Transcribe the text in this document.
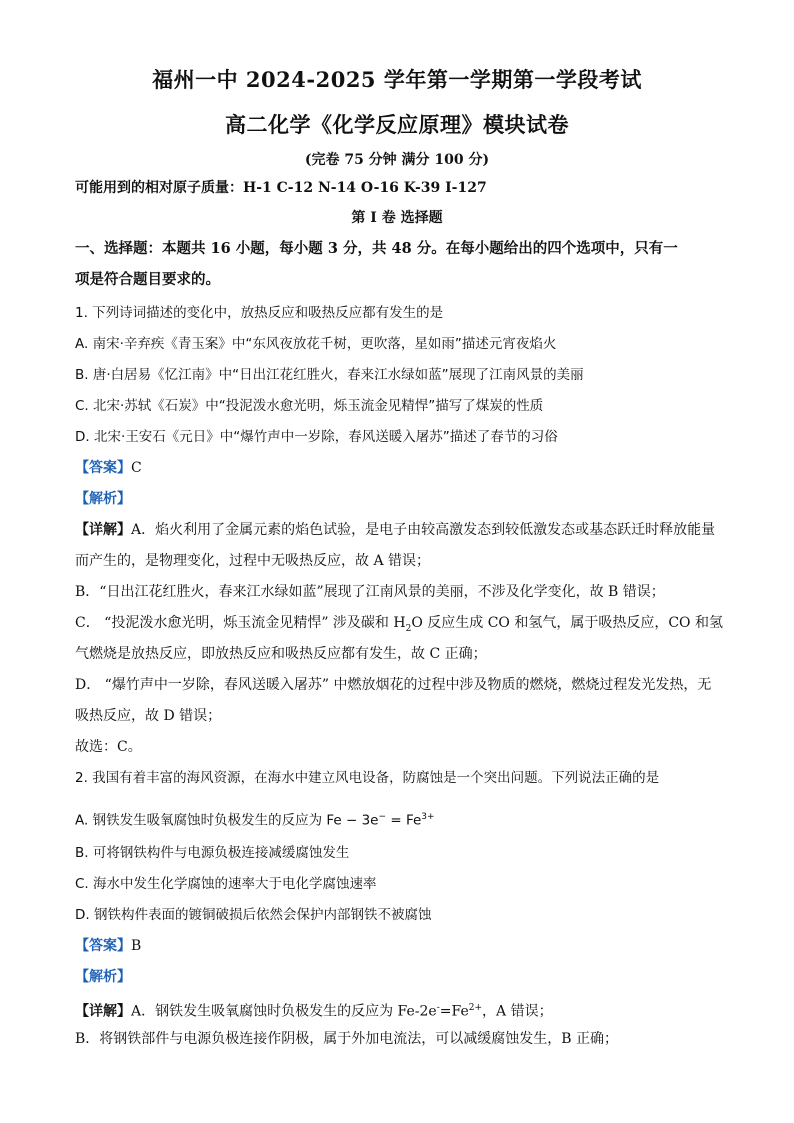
福州一中 2024-2025 学年第一学期第一学段考试
高二化学《化学反应原理》模块试卷
(完卷 75 分钟 满分 100 分)
可能用到的相对原子质量：H-1 C-12 N-14 O-16 K-39 I-127
第 I 卷 选择题
一、选择题：本题共 16 小题，每小题 3 分，共 48 分。在每小题给出的四个选项中，只有一
项是符合题目要求的。
1. 下列诗词描述的变化中，放热反应和吸热反应都有发生的是
A. 南宋·辛弃疾《青玉案》中“东风夜放花千树，更吹落，星如雨”描述元宵夜焰火
B. 唐·白居易《忆江南》中“日出江花红胜火，春来江水绿如蓝”展现了江南风景的美丽
C. 北宋·苏轼《石炭》中“投泥泼水愈光明，烁玉流金见精悍”描写了煤炭的性质
D. 北宋·王安石《元日》中“爆竹声中一岁除，春风送暖入屠苏”描述了春节的习俗
【答案】C
【解析】
【详解】A．焰火利用了金属元素的焰色试验，是电子由较高激发态到较低激发态或基态跃迁时释放能量
而产生的，是物理变化，过程中无吸热反应，故 A 错误；
B．“日出江花红胜火，春来江水绿如蓝”展现了江南风景的美丽，不涉及化学变化，故 B 错误；
C． “投泥泼水愈光明，烁玉流金见精悍” 涉及碳和 $H_2O$ 反应生成 CO 和氢气，属于吸热反应，CO 和氢
气燃烧是放热反应，即放热反应和吸热反应都有发生，故 C 正确；
D． “爆竹声中一岁除，春风送暖入屠苏” 中燃放烟花的过程中涉及物质的燃烧，燃烧过程发光发热，无
吸热反应，故 D 错误；
故选：C。
2. 我国有着丰富的海风资源，在海水中建立风电设备，防腐蚀是一个突出问题。下列说法正确的是
A. 钢铁发生吸氧腐蚀时负极发生的反应为 $Fe - 3e^- = Fe^{3+}$
B. 可将钢铁构件与电源负极连接减缓腐蚀发生
C. 海水中发生化学腐蚀的速率大于电化学腐蚀速率
D. 钢铁构件表面的镀铜破损后依然会保护内部钢铁不被腐蚀
【答案】B
【解析】
【详解】A．钢铁发生吸氧腐蚀时负极发生的反应为 $Fe-2e^-=Fe^{2+}$，A 错误；
B．将钢铁部件与电源负极连接作阴极，属于外加电流法，可以减缓腐蚀发生，B 正确；
